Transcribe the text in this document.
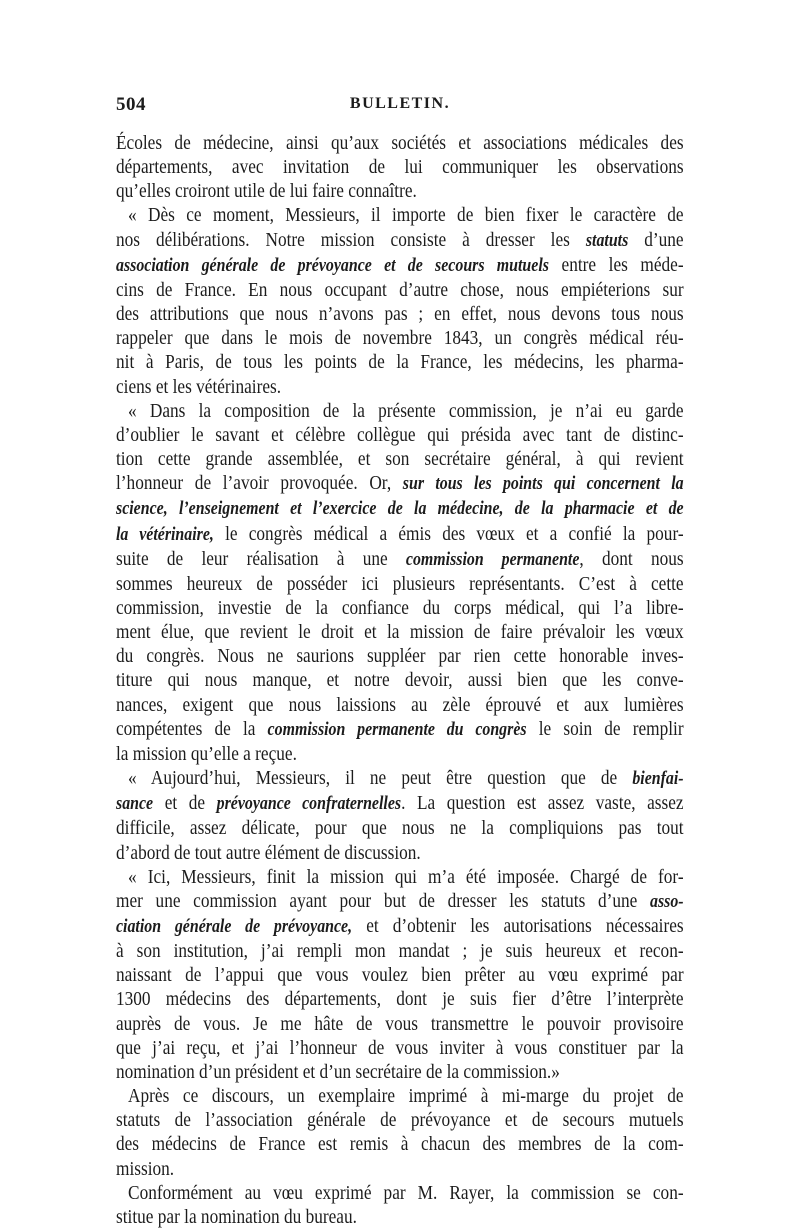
504	BULLETIN.
Écoles de médecine, ainsi qu’aux sociétés et associations médicales des
départements, avec invitation de lui communiquer les observations
qu’elles croiront utile de lui faire connaître.
« Dès ce moment, Messieurs, il importe de bien fixer le caractère de
nos délibérations. Notre mission consiste à dresser les statuts d’une
association générale de prévoyance et de secours mutuels entre les méde-
cins de France. En nous occupant d’autre chose, nous empiéterions sur
des attributions que nous n’avons pas ; en effet, nous devons tous nous
rappeler que dans le mois de novembre 1843, un congrès médical réu-
nit à Paris, de tous les points de la France, les médecins, les pharma-
ciens et les vétérinaires.
« Dans la composition de la présente commission, je n’ai eu garde
d’oublier le savant et célèbre collègue qui présida avec tant de distinc-
tion cette grande assemblée, et son secrétaire général, à qui revient
l’honneur de l’avoir provoquée. Or, sur tous les points qui concernent la
science, l’enseignement et l’exercice de la médecine, de la pharmacie et de
la vétérinaire, le congrès médical a émis des vœux et a confié la pour-
suite de leur réalisation à une commission permanente, dont nous
sommes heureux de posséder ici plusieurs représentants. C’est à cette
commission, investie de la confiance du corps médical, qui l’a libre-
ment élue, que revient le droit et la mission de faire prévaloir les vœux
du congrès. Nous ne saurions suppléer par rien cette honorable inves-
titure qui nous manque, et notre devoir, aussi bien que les conve-
nances, exigent que nous laissions au zèle éprouvé et aux lumières
compétentes de la commission permanente du congrès le soin de remplir
la mission qu’elle a reçue.
« Aujourd’hui, Messieurs, il ne peut être question que de bienfai-
sance et de prévoyance confraternelles. La question est assez vaste, assez
difficile, assez délicate, pour que nous ne la compliquions pas tout
d’abord de tout autre élément de discussion.
« Ici, Messieurs, finit la mission qui m’a été imposée. Chargé de for-
mer une commission ayant pour but de dresser les statuts d’une asso-
ciation générale de prévoyance, et d’obtenir les autorisations nécessaires
à son institution, j’ai rempli mon mandat ; je suis heureux et recon-
naissant de l’appui que vous voulez bien prêter au vœu exprimé par
1300 médecins des départements, dont je suis fier d’être l’interprète
auprès de vous. Je me hâte de vous transmettre le pouvoir provisoire
que j’ai reçu, et j’ai l’honneur de vous inviter à vous constituer par la
nomination d’un président et d’un secrétaire de la commission.»
Après ce discours, un exemplaire imprimé à mi-marge du projet de
statuts de l’association générale de prévoyance et de secours mutuels
des médecins de France est remis à chacun des membres de la com-
mission.
Conformément au vœu exprimé par M. Rayer, la commission se con-
stitue par la nomination du bureau.
